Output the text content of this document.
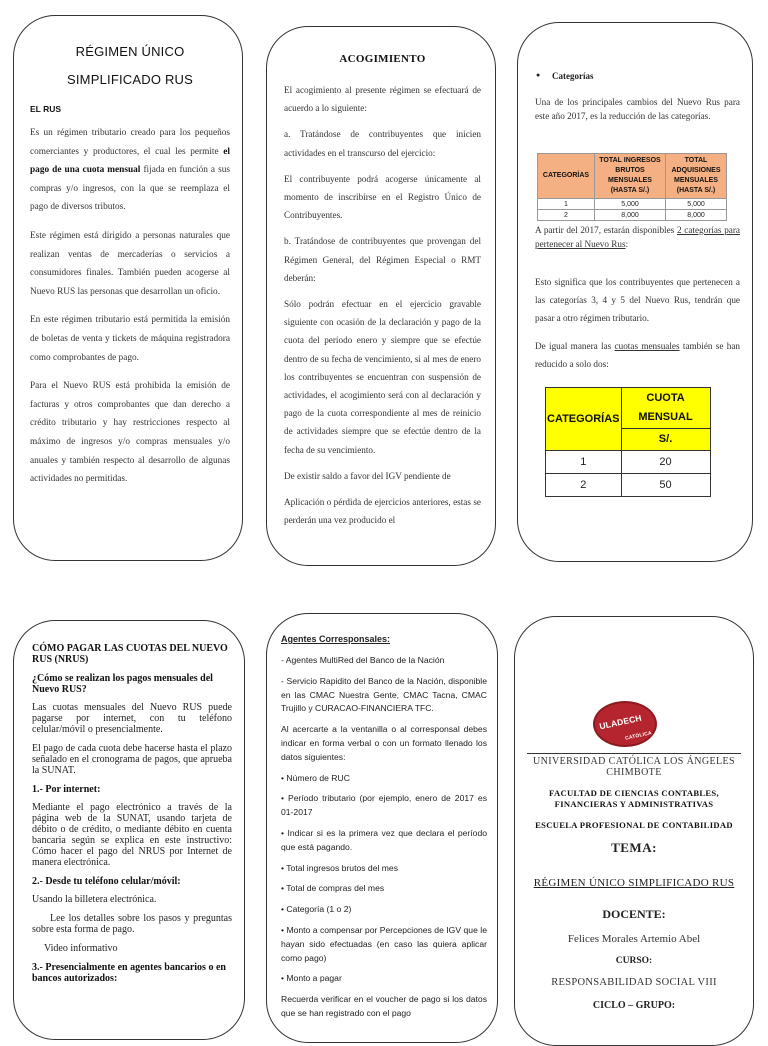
RÉGIMEN ÚNICO SIMPLIFICADO RUS
EL RUS

Es un régimen tributario creado para los pequeños comerciantes y productores, el cual les permite el pago de una cuota mensual fijada en función a sus compras y/o ingresos, con la que se reemplaza el pago de diversos tributos.

Este régimen está dirigido a personas naturales que realizan ventas de mercaderías o servicios a consumidores finales. También pueden acogerse al Nuevo RUS las personas que desarrollan un oficio.

En este régimen tributario está permitida la emisión de boletas de venta y tickets de máquina registradora como comprobantes de pago.

Para el Nuevo RUS está prohibida la emisión de facturas y otros comprobantes que dan derecho a crédito tributario y hay restricciones respecto al máximo de ingresos y/o compras mensuales y/o anuales y también respecto al desarrollo de algunas actividades no permitidas.

ACOGIMIENTO

El acogimiento al presente régimen se efectuará de acuerdo a lo siguiente:

a. Tratándose de contribuyentes que inicien actividades en el transcurso del ejercicio:

El contribuyente podrá acogerse únicamente al momento de inscribirse en el Registro Único de Contribuyentes.

b. Tratándose de contribuyentes que provengan del Régimen General, del Régimen Especial o RMT deberán:

Sólo podrán efectuar en el ejercicio gravable siguiente con ocasión de la declaración y pago de la cuota del período enero y siempre que se efectúe dentro de su fecha de vencimiento, si al mes de enero los contribuyentes se encuentran con suspensión de actividades, el acogimiento será con al declaración y pago de la cuota correspondiente al mes de reinicio de actividades siempre que se efectúe dentro de la fecha de su vencimiento.

De existir saldo a favor del IGV pendiente de

Aplicación o pérdida de ejercicios anteriores, estas se perderán una vez producido el

● Categorías

Una de los principales cambios del Nuevo Rus para este año 2017, es la reducción de las categorías.

CATEGORÍAS	TOTAL INGRESOS BRUTOS MENSUALES (HASTA S/.)	TOTAL ADQUISIONES MENSUALES (HASTA S/.)
1	5,000	5,000
2	8,000	8,000

A partir del 2017, estarán disponibles 2 categorías para pertenecer al Nuevo Rus:

Esto significa que los contribuyentes que pertenecen a las categorías 3, 4 y 5 del Nuevo Rus, tendrán que pasar a otro régimen tributario.

De igual manera las cuotas mensuales también se han reducido a solo dos:

CATEGORÍAS	CUOTA MENSUAL
	S/.
1	20
2	50
CÓMO PAGAR LAS CUOTAS DEL NUEVO RUS (NRUS)
¿Cómo se realizan los pagos mensuales del Nuevo RUS?

Las cuotas mensuales del Nuevo RUS puede pagarse por internet, con tu teléfono celular/móvil o presencialmente.

El pago de cada cuota debe hacerse hasta el plazo señalado en el cronograma de pagos, que aprueba la SUNAT.

1.- Por internet:

Mediante el pago electrónico a través de la página web de la SUNAT, usando tarjeta de débito o de crédito, o mediante débito en cuenta bancaria según se explica en este instructivo: Cómo hacer el pago del NRUS por Internet de manera electrónica.

2.- Desde tu teléfono celular/móvil:

Usando la billetera electrónica.

Lee los detalles sobre los pasos y preguntas sobre esta forma de pago.

Video informativo

3.- Presencialmente en agentes bancarios o en bancos autorizados:
Agentes Corresponsales:

- Agentes MultiRed del Banco de la Nación

- Servicio Rapidito del Banco de la Nación, disponible en las CMAC Nuestra Gente, CMAC Tacna, CMAC Trujillo y CURACAO-FINANCIERA TFC.

Al acercarte a la ventanilla o al corresponsal debes indicar en forma verbal o con un formato llenado los datos siguientes:

• Número de RUC

• Período tributario (por ejemplo, enero de 2017 es 01-2017

• Indicar si es la primera vez que declara el período que está pagando.

• Total ingresos brutos del mes

• Total de compras del mes

• Categoría (1 o 2)

• Monto a compensar por Percepciones de IGV que le hayan sido efectuadas (en caso las quiera aplicar como pago)

• Monto a pagar

Recuerda verificar en el voucher de pago si los datos que se han registrado con el pago

ULADECH
CATÓLICA
UNIVERSIDAD CATÓLICA LOS ÁNGELES CHIMBOTE
FACULTAD DE CIENCIAS CONTABLES, FINANCIERAS Y ADMINISTRATIVAS
ESCUELA PROFESIONAL DE CONTABILIDAD
TEMA:
RÉGIMEN ÚNICO SIMPLIFICADO RUS
DOCENTE:
Felices Morales Artemio Abel
CURSO:
RESPONSABILIDAD SOCIAL VIII
CICLO – GRUPO:
